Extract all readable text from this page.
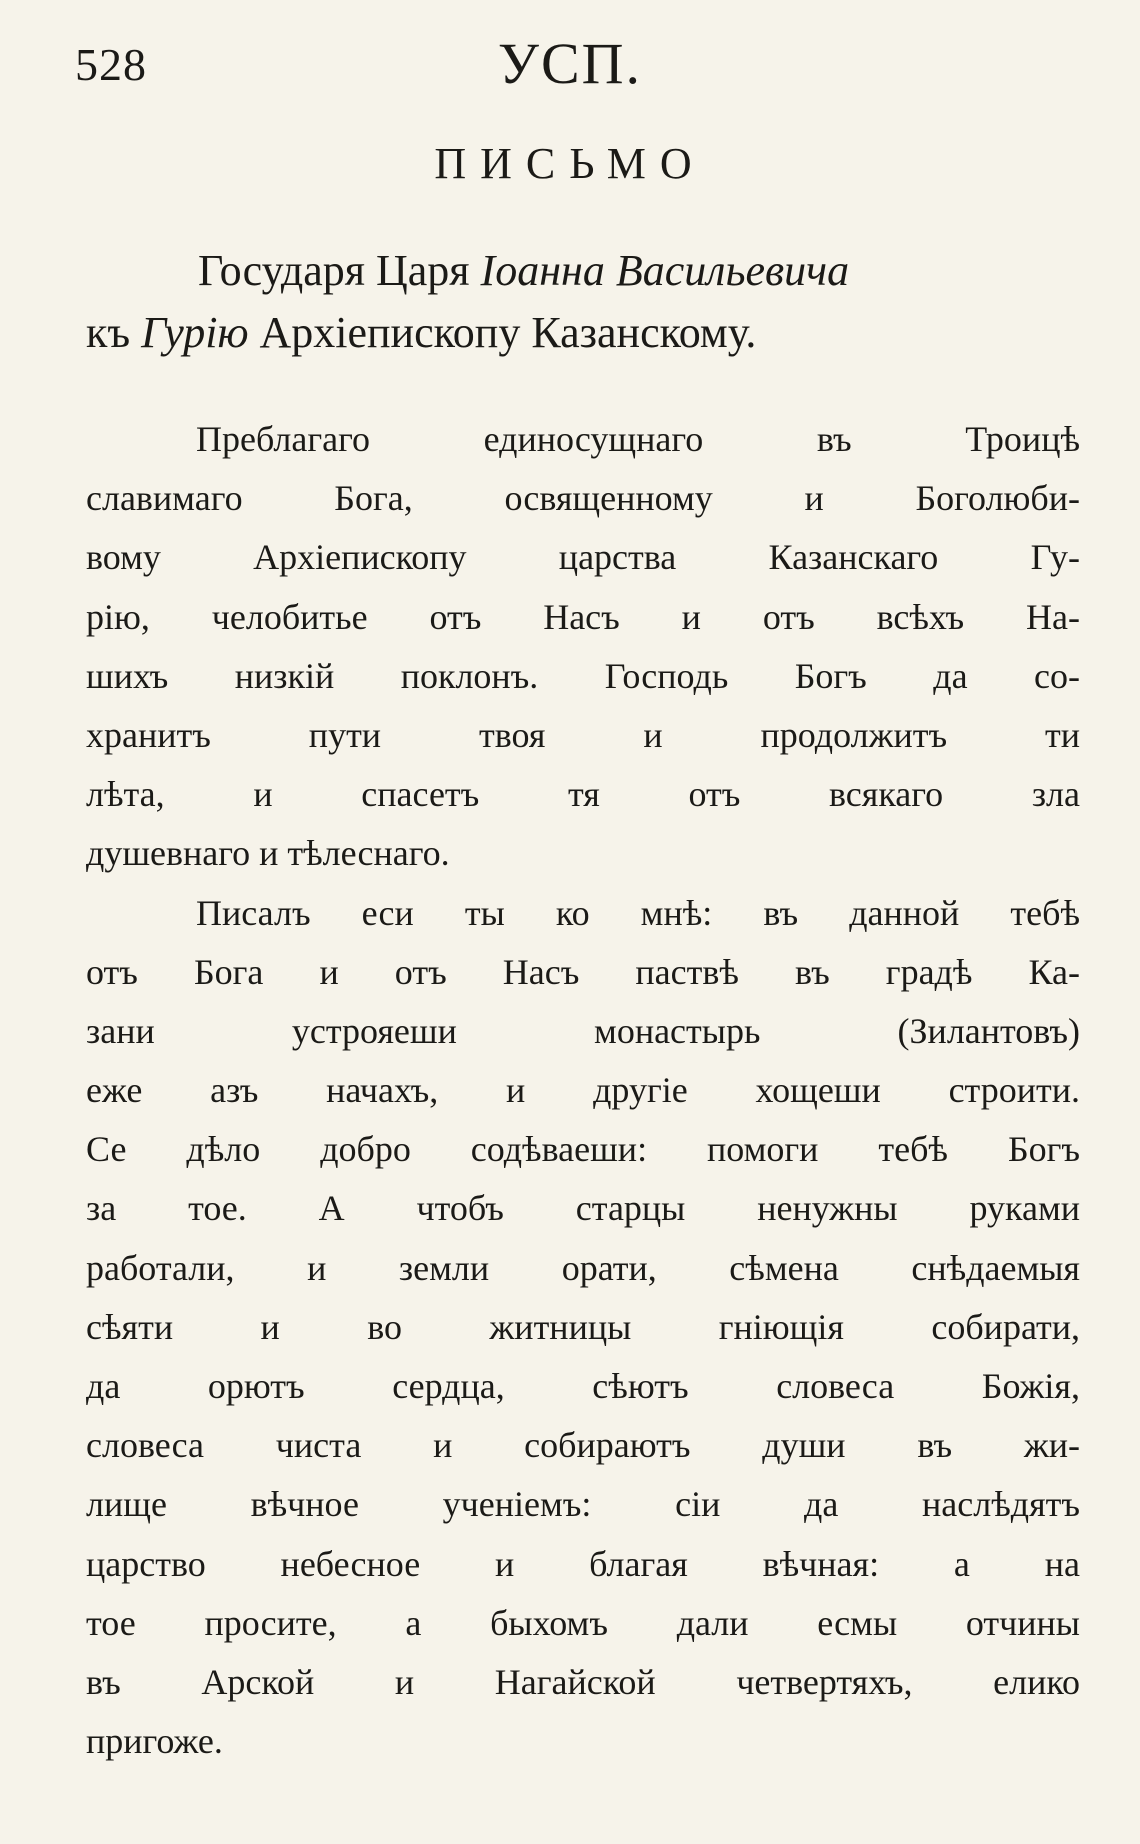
528	УСП.
ПИСЬМО
Государя Царя Іоанна Васильевича
къ Гурію Архіепископу Казанскому.
Преблагаго единосущнаго въ Троицѣ
славимаго Бога, освященному и Боголюби-
вому Архіепископу царства Казанскаго Гу-
рію, челобитье отъ Насъ и отъ всѣхъ На-
шихъ низкій поклонъ. Господь Богъ да со-
хранитъ пути твоя и продолжитъ ти
лѣта, и спасетъ тя отъ всякаго зла
душевнаго и тѣлеснаго.
Писалъ еси ты ко мнѣ: въ данной тебѣ
отъ Бога и отъ Насъ паствѣ въ градѣ Ка-
зани устрояеши монастырь (Зилантовъ)
еже азъ начахъ, и другіе хощеши строити.
Се дѣло добро содѣваеши: помоги тебѣ Богъ
за тое. А чтобъ старцы ненужны руками
работали, и земли орати, сѣмена снѣдаемыя
сѣяти и во житницы гніющія собирати,
да орютъ сердца, сѣютъ словеса Божія,
словеса чиста и собираютъ души въ жи-
лище вѣчное ученіемъ: сіи да наслѣдятъ
царство небесное и благая вѣчная: а на
тое просите, а быхомъ дали есмы отчины
въ Арской и Нагайской четвертяхъ, елико
пригоже.
